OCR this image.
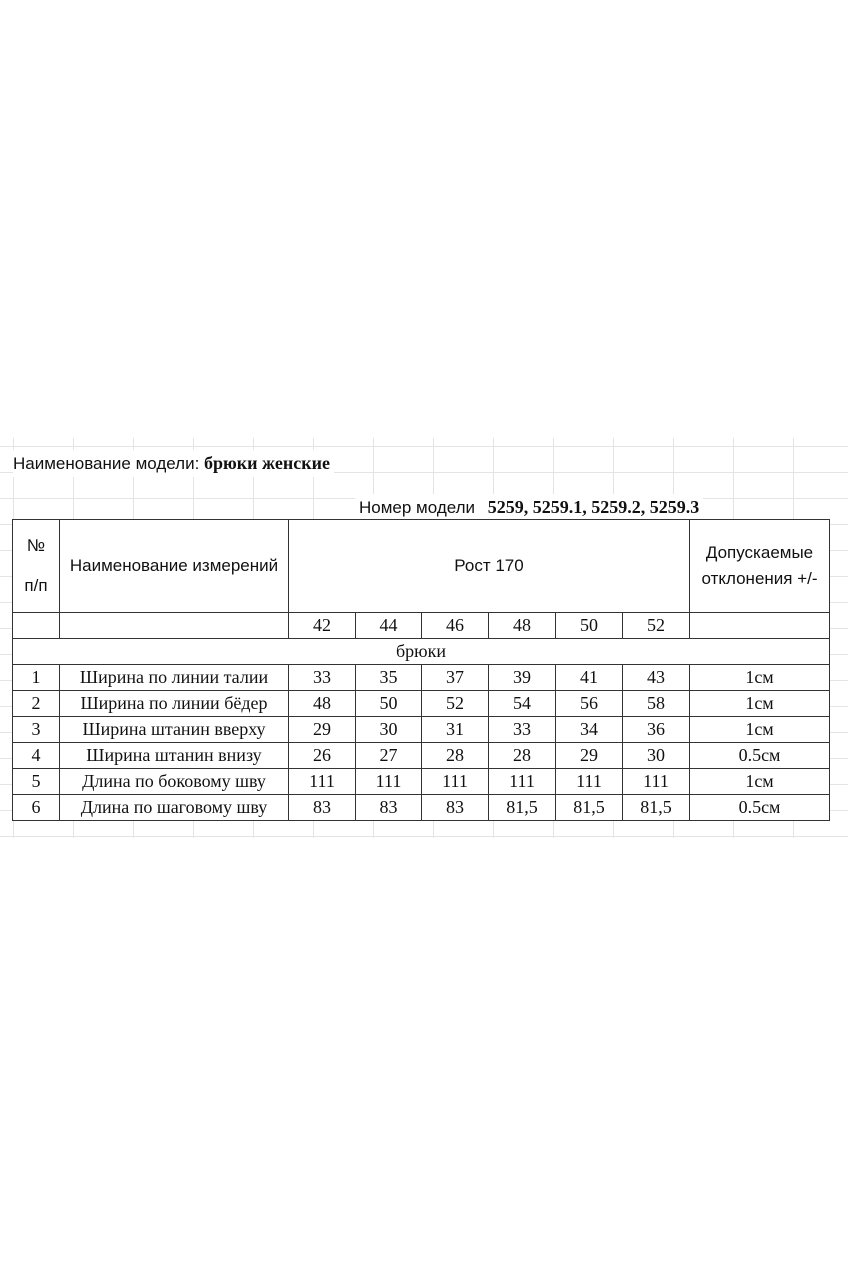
Наименование модели: брюки женские
Номер модели 5259, 5259.1, 5259.2, 5259.3
№
п/п	Наименование измерений	Рост 170						Допускаемые отклонения +/-
		42	44	46	48	50	52	
брюки								
1	Ширина по линии талии	33	35	37	39	41	43	1см
2	Ширина по линии бёдер	48	50	52	54	56	58	1см
3	Ширина штанин вверху	29	30	31	33	34	36	1см
4	Ширина штанин внизу	26	27	28	28	29	30	0.5см
5	Длина по боковому шву	111	111	111	111	111	111	1см
6	Длина по шаговому шву	83	83	83	81,5	81,5	81,5	0.5см
